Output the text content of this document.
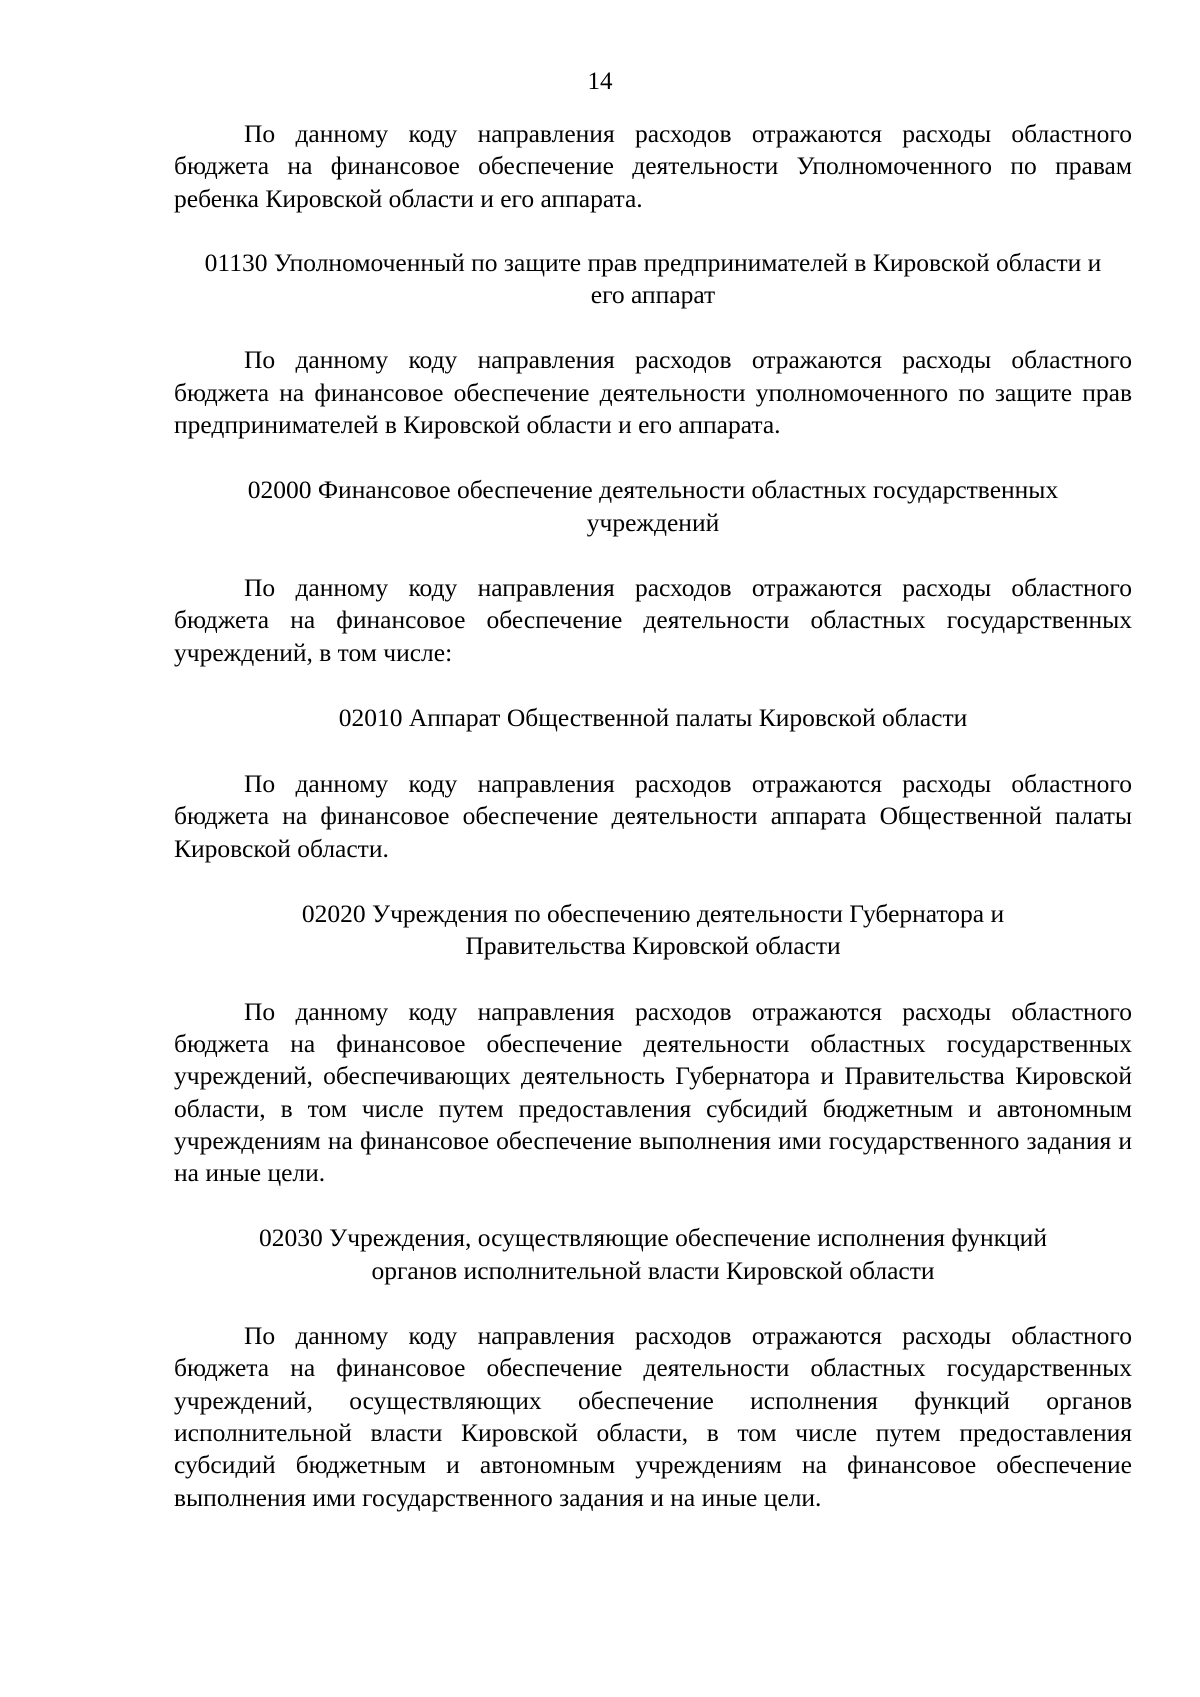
14

По данному коду направления расходов отражаются расходы областного бюджета на финансовое обеспечение деятельности Уполномоченного по правам ребенка Кировской области и его аппарата.

01130 Уполномоченный по защите прав предпринимателей в Кировской области и его аппарат

По данному коду направления расходов отражаются расходы областного бюджета на финансовое обеспечение деятельности уполномоченного по защите прав предпринимателей в Кировской области и его аппарата.

02000 Финансовое обеспечение деятельности областных государственных учреждений

По данному коду направления расходов отражаются расходы областного бюджета на финансовое обеспечение деятельности областных государственных учреждений, в том числе:

02010 Аппарат Общественной палаты Кировской области

По данному коду направления расходов отражаются расходы областного бюджета на финансовое обеспечение деятельности аппарата Общественной палаты Кировской области.

02020 Учреждения по обеспечению деятельности Губернатора и Правительства Кировской области

По данному коду направления расходов отражаются расходы областного бюджета на финансовое обеспечение деятельности областных государственных учреждений, обеспечивающих деятельность Губернатора и Правительства Кировской области, в том числе путем предоставления субсидий бюджетным и автономным учреждениям на финансовое обеспечение выполнения ими государственного задания и на иные цели.

02030 Учреждения, осуществляющие обеспечение исполнения функций органов исполнительной власти Кировской области

По данному коду направления расходов отражаются расходы областного бюджета на финансовое обеспечение деятельности областных государственных учреждений, осуществляющих обеспечение исполнения функций органов исполнительной власти Кировской области, в том числе путем предоставления субсидий бюджетным и автономным учреждениям на финансовое обеспечение выполнения ими государственного задания и на иные цели.
